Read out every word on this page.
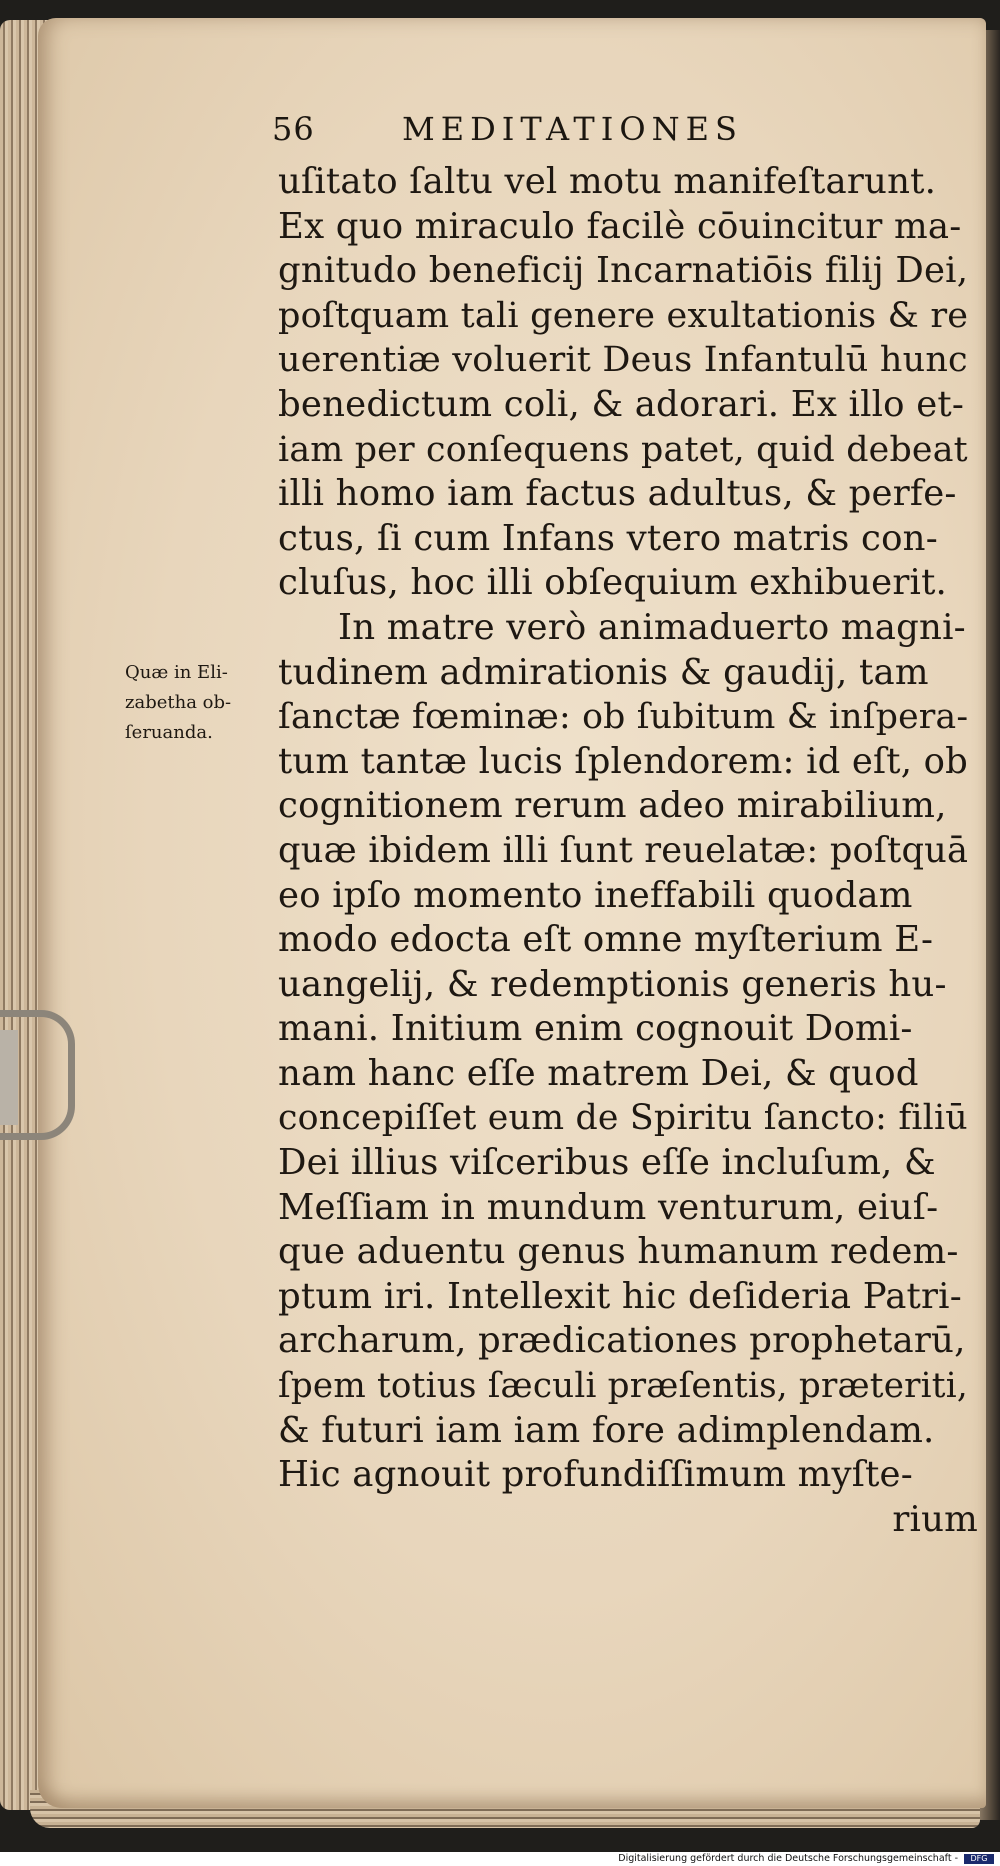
56	MEDITATIONES
Quæ in Eli-
zabetha ob-
ſeruanda.
uſitato ſaltu vel motu manifeſtarunt.
Ex quo miraculo facilè cōuincitur ma-
gnitudo beneficij Incarnatiōis filij Dei,
poſtquam tali genere exultationis & re
uerentiæ voluerit Deus Infantulū hunc
benedictum coli, & adorari. Ex illo et-
iam per conſequens patet, quid debeat
illi homo iam factus adultus, & perfe-
ctus, ſi cum Infans vtero matris con-
cluſus, hoc illi obſequium exhibuerit.
In matre verò animaduerto magni-
tudinem admirationis & gaudij, tam
ſanctæ fœminæ: ob ſubitum & inſpera-
tum tantæ lucis ſplendorem: id eſt, ob
cognitionem rerum adeo mirabilium,
quæ ibidem illi ſunt reuelatæ: poſtquā
eo ipſo momento ineffabili quodam
modo edocta eſt omne myſterium E-
uangelij, & redemptionis generis hu-
mani. Initium enim cognouit Domi-
nam hanc eſſe matrem Dei, & quod
concepiſſet eum de Spiritu ſancto: filiū
Dei illius viſceribus eſſe incluſum, &
Meſſiam in mundum venturum, eiuſ-
que aduentu genus humanum redem-
ptum iri. Intellexit hic deſideria Patri-
archarum, prædicationes prophetarū,
ſpem totius ſæculi præſentis, præteriti,
& futuri iam iam fore adimplendam.
Hic agnouit profundiſſimum myſte-
rium
Digitalisierung gefördert durch die Deutsche Forschungsgemeinschaft -	DFG
